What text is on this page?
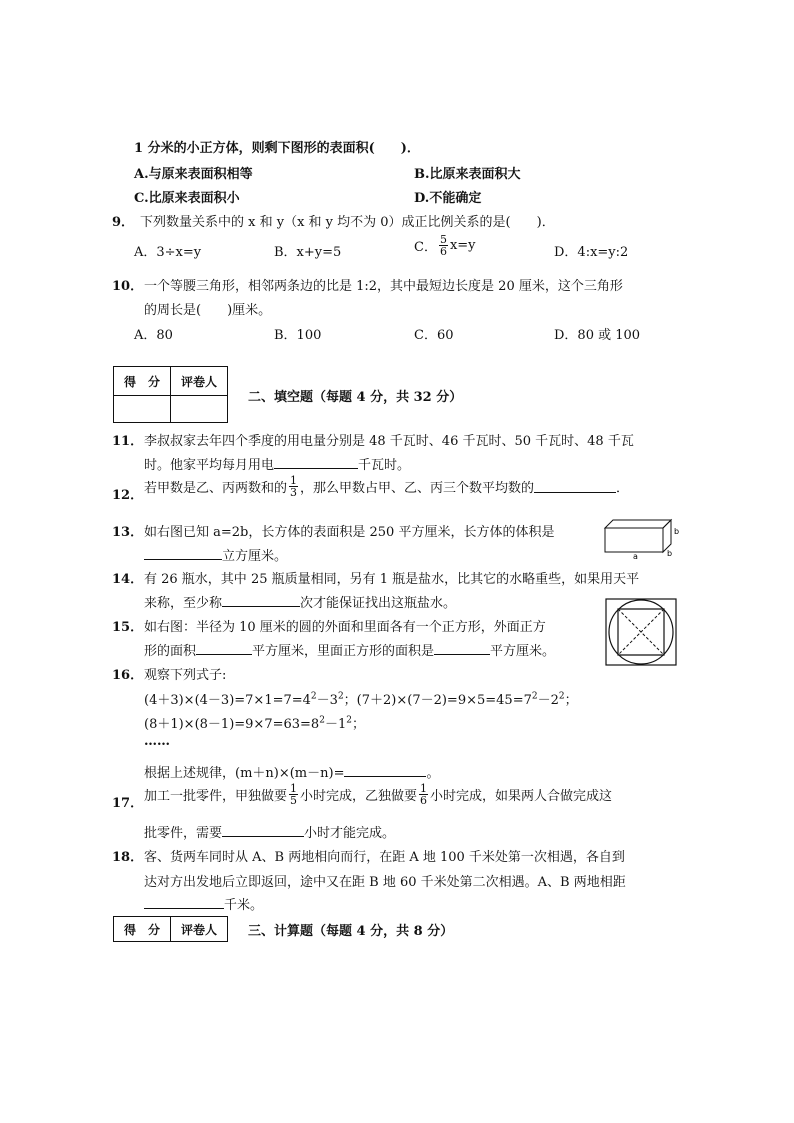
1 分米的小正方体，则剩下图形的表面积(　　)．
A.与原来表面积相等	B.比原来表面积大
C.比原来表面积小	D.不能确定
9． 下列数量关系中的 x 和 y（x 和 y 均不为 0）成正比例关系的是(　　)．
A．3÷x=y	B．x+y=5	C． $\frac{5}{6} x=y$	D．4:x=y:2
10． 一个等腰三角形，相邻两条边的比是 1:2，其中最短边长度是 20 厘米，这个三角形
的周长是(　　)厘米。
A．80	B．100	C．60	D．80 或 100
得　分	评卷人

二、填空题（每题 4 分，共 32 分）
11． 李叔叔家去年四个季度的用电量分别是 48 千瓦时、46 千瓦时、50 千瓦时、48 千瓦
时。他家平均每月用电	千瓦时。
12． 若甲数是乙、丙两数和的 $\frac{1}{3}$ ，那么甲数占甲、乙、丙三个数平均数的	．
13． 如右图已知 a=2b，长方体的表面积是 250 平方厘米，长方体的体积是
立方厘米。	a
b
b
14． 有 26 瓶水，其中 25 瓶质量相同，另有 1 瓶是盐水，比其它的水略重些，如果用天平
来称，至少称	次才能保证找出这瓶盐水。
15． 如右图：半径为 10 厘米的圆的外面和里面各有一个正方形，外面正方
形的面积	平方厘米，里面正方形的面积是	平方厘米。
16． 观察下列式子:
$(4+3)\times(4-3)=7\times 1=7=4^2-3^2$；$(7+2)\times(7-2)=9\times 5=45=7^2-2^2$；
$(8+1)\times(8-1)=9\times 7=63=8^2-1^2$；
……
根据上述规律，(m＋n)×(m－n)=	。
17． 加工一批零件，甲独做要 $\frac{1}{5}$ 小时完成，乙独做要 $\frac{1}{6}$ 小时完成，如果两人合做完成这
批零件，需要	小时才能完成。
18． 客、货两车同时从 A、B 两地相向而行，在距 A 地 100 千米处第一次相遇，各自到
达对方出发地后立即返回，途中又在距 B 地 60 千米处第二次相遇。A、B 两地相距
千米。
得　分	评卷人 三、计算题（每题 4 分，共 8 分）
